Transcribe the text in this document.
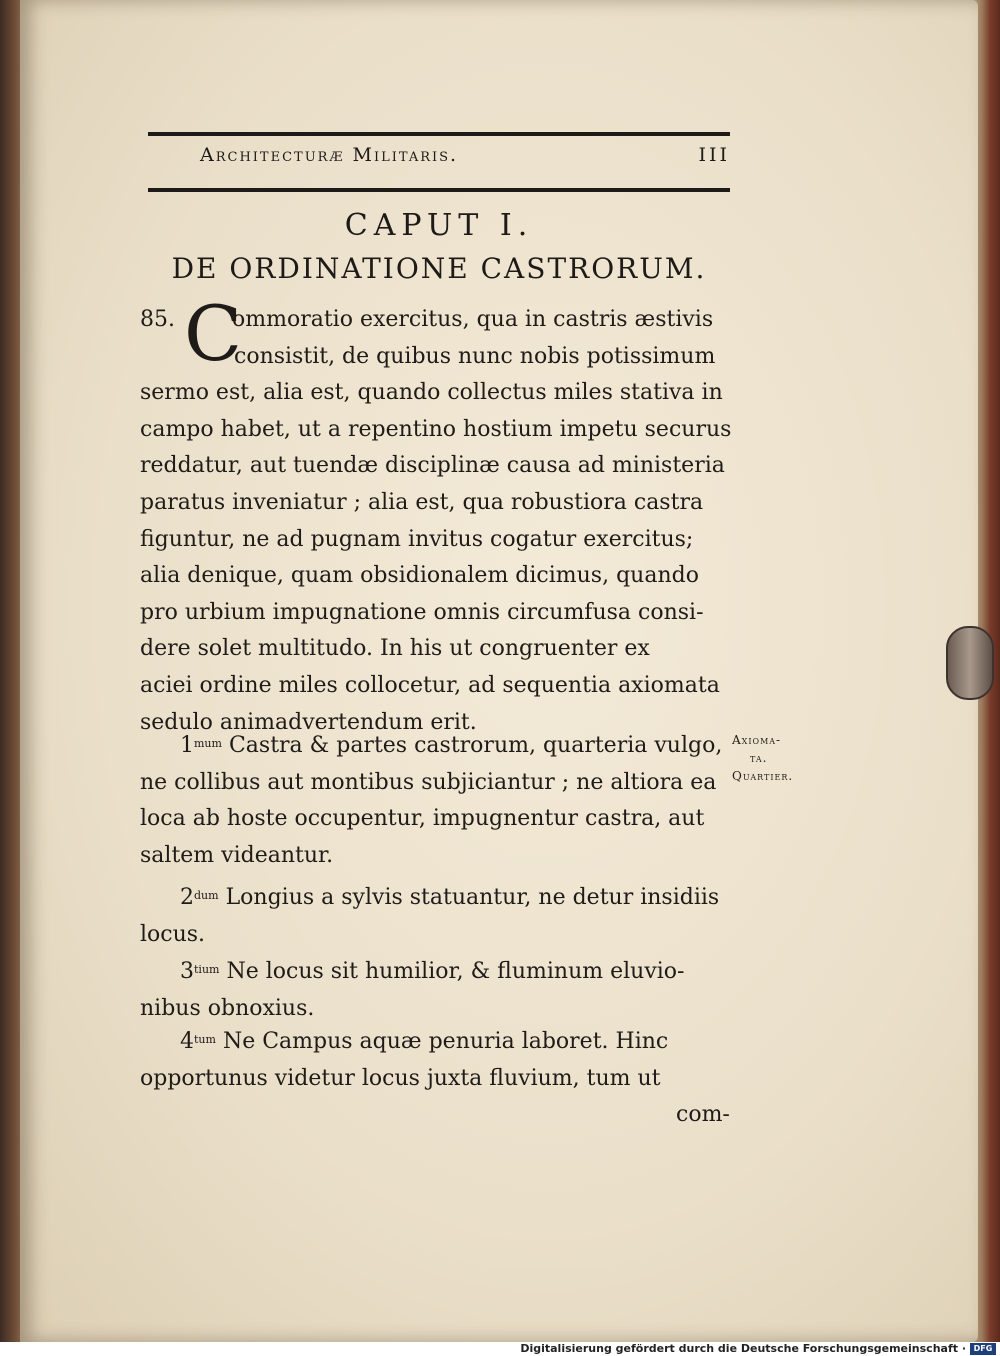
Architecturæ Militaris.	III
CAPUT I.
DE ORDINATIONE CASTRORUM.
85. C
ommoratio exercitus, qua in castris æstivis
consistit, de quibus nunc nobis potissimum
sermo est, alia est, quando collectus miles stativa in
campo habet, ut a repentino hostium impetu securus
reddatur, aut tuendæ disciplinæ causa ad ministeria
paratus inveniatur ; alia est, qua robustiora castra
figuntur, ne ad pugnam invitus cogatur exercitus;
alia denique, quam obsidionalem dicimus, quando
pro urbium impugnatione omnis circumfusa consi-
dere solet multitudo. In his ut congruenter ex
aciei ordine miles collocetur, ad sequentia axiomata
sedulo animadvertendum erit.
$1^{mum}$ Castra & partes castrorum, quarteria vulgo,
ne collibus aut montibus subjiciantur ; ne altiora ea
loca ab hoste occupentur, impugnentur castra, aut
saltem videantur.
$2^{dum}$ Longius a sylvis statuantur, ne detur insidiis
locus.
$3^{tium}$ Ne locus sit humilior, & fluminum eluvio-
nibus obnoxius.
$4^{tum}$ Ne Campus aquæ penuria laboret. Hinc
opportunus videtur locus juxta fluvium, tum ut
Axioma-
ta.
Quartier.
com-
Digitalisierung gefördert durch die Deutsche Forschungsgemeinschaft · DFG
